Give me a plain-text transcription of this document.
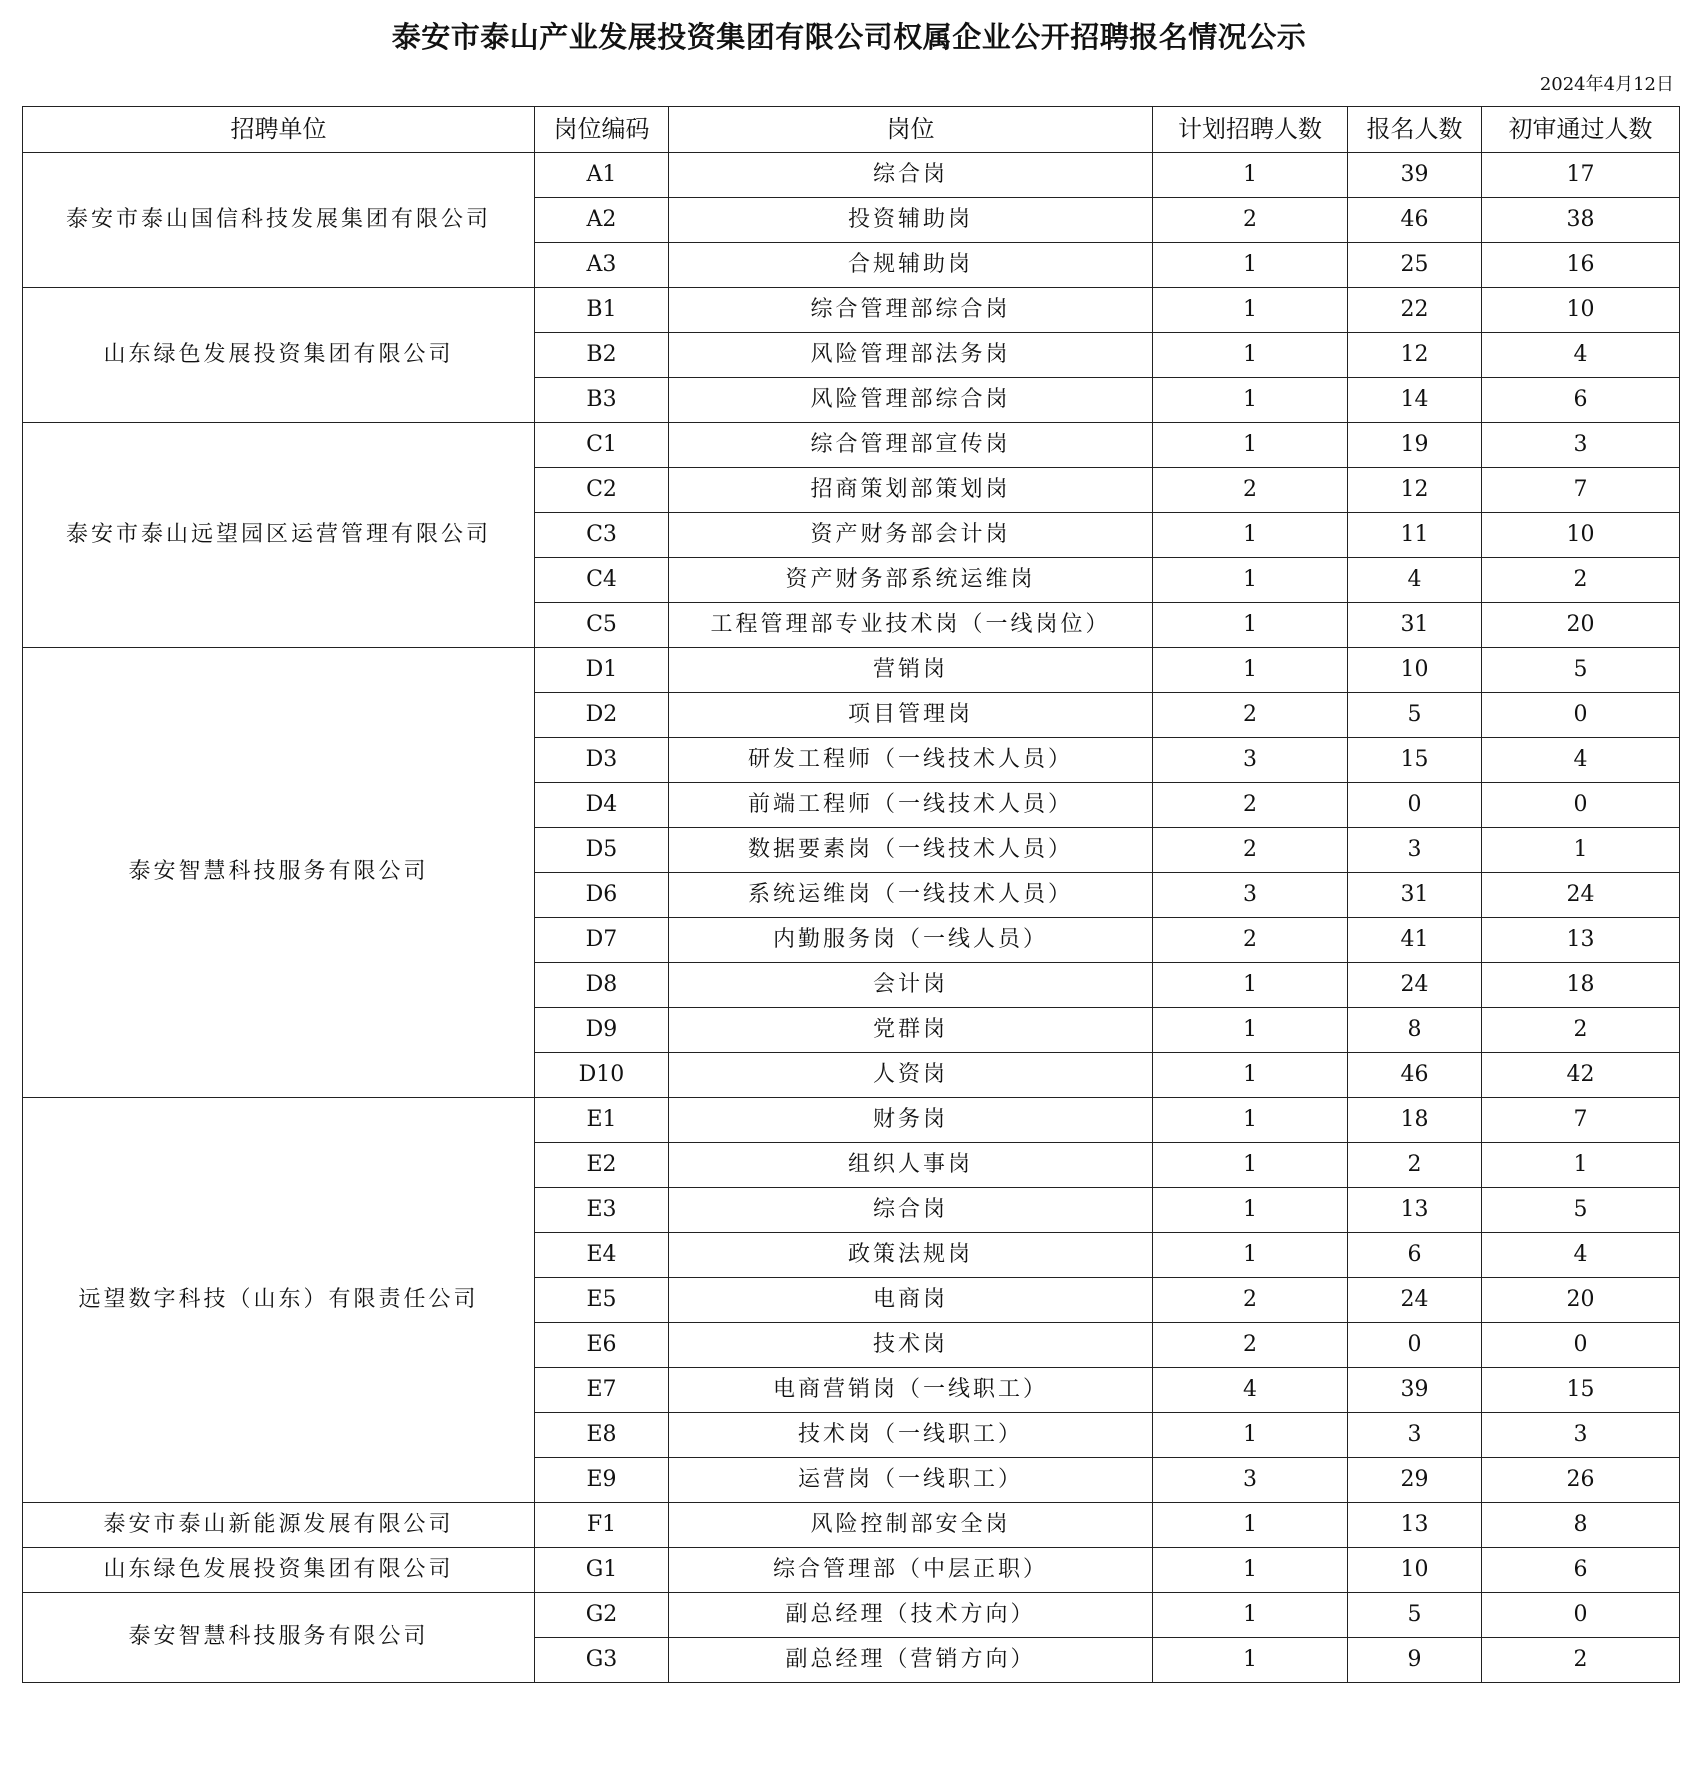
泰安市泰山产业发展投资集团有限公司权属企业公开招聘报名情况公示
2024年4月12日
招聘单位	岗位编码	岗位	计划招聘人数	报名人数	初审通过人数
泰安市泰山国信科技发展集团有限公司	A1	综合岗	1	39	17
	A2	投资辅助岗	2	46	38
	A3	合规辅助岗	1	25	16
山东绿色发展投资集团有限公司	B1	综合管理部综合岗	1	22	10
	B2	风险管理部法务岗	1	12	4
	B3	风险管理部综合岗	1	14	6
泰安市泰山远望园区运营管理有限公司	C1	综合管理部宣传岗	1	19	3
	C2	招商策划部策划岗	2	12	7
	C3	资产财务部会计岗	1	11	10
	C4	资产财务部系统运维岗	1	4	2
	C5	工程管理部专业技术岗（一线岗位）	1	31	20
泰安智慧科技服务有限公司	D1	营销岗	1	10	5
	D2	项目管理岗	2	5	0
	D3	研发工程师（一线技术人员）	3	15	4
	D4	前端工程师（一线技术人员）	2	0	0
	D5	数据要素岗（一线技术人员）	2	3	1
	D6	系统运维岗（一线技术人员）	3	31	24
	D7	内勤服务岗（一线人员）	2	41	13
	D8	会计岗	1	24	18
	D9	党群岗	1	8	2
	D10	人资岗	1	46	42
远望数字科技（山东）有限责任公司	E1	财务岗	1	18	7
	E2	组织人事岗	1	2	1
	E3	综合岗	1	13	5
	E4	政策法规岗	1	6	4
	E5	电商岗	2	24	20
	E6	技术岗	2	0	0
	E7	电商营销岗（一线职工）	4	39	15
	E8	技术岗（一线职工）	1	3	3
	E9	运营岗（一线职工）	3	29	26
泰安市泰山新能源发展有限公司	F1	风险控制部安全岗	1	13	8
山东绿色发展投资集团有限公司	G1	综合管理部（中层正职）	1	10	6
泰安智慧科技服务有限公司	G2	副总经理（技术方向）	1	5	0
	G3	副总经理（营销方向）	1	9	2
